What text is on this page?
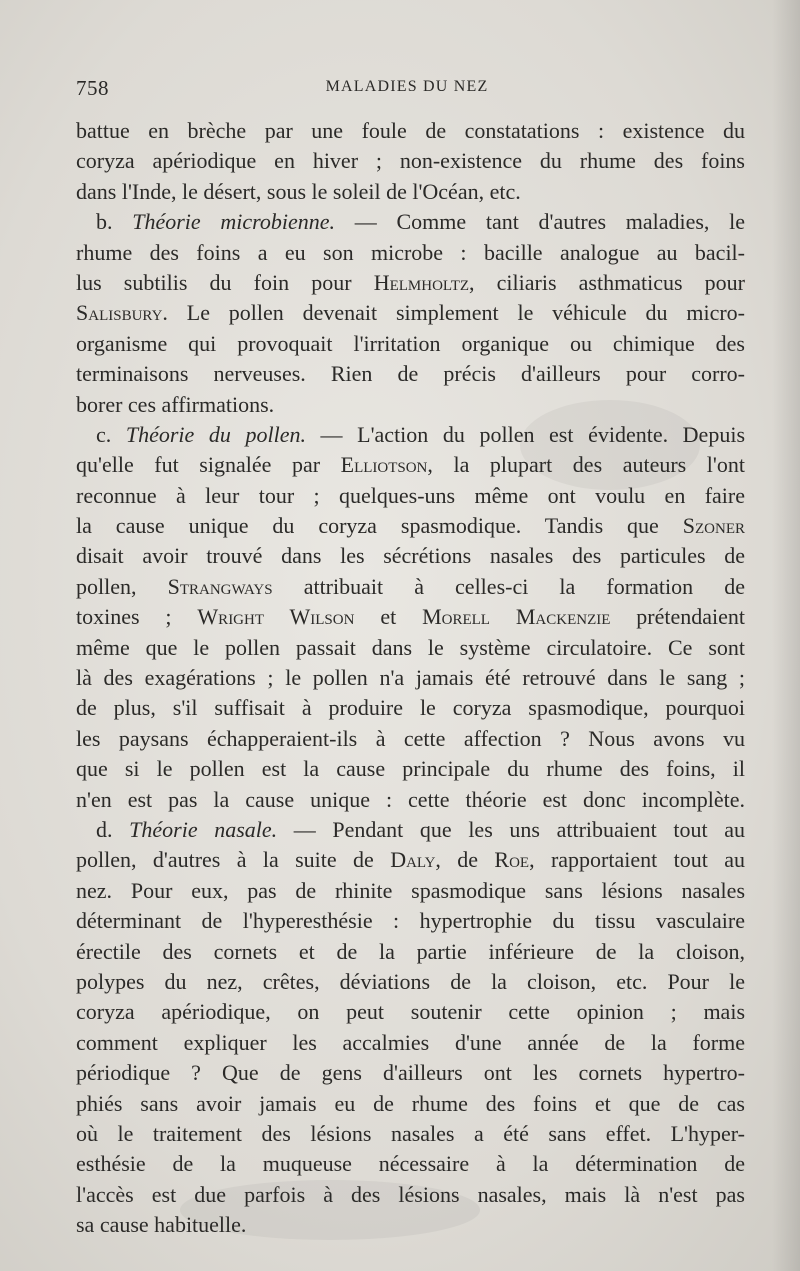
758	MALADIES DU NEZ
battue en brèche par une foule de constatations : existence du
coryza apériodique en hiver ; non-existence du rhume des foins
dans l'Inde, le désert, sous le soleil de l'Océan, etc.
b. Théorie microbienne. — Comme tant d'autres maladies, le
rhume des foins a eu son microbe : bacille analogue au bacil-
lus subtilis du foin pour Helmholtz, ciliaris asthmaticus pour
Salisbury. Le pollen devenait simplement le véhicule du micro-
organisme qui provoquait l'irritation organique ou chimique des
terminaisons nerveuses. Rien de précis d'ailleurs pour corro-
borer ces affirmations.
c. Théorie du pollen. — L'action du pollen est évidente. Depuis
qu'elle fut signalée par Elliotson, la plupart des auteurs l'ont
reconnue à leur tour ; quelques-uns même ont voulu en faire
la cause unique du coryza spasmodique. Tandis que Szoner
disait avoir trouvé dans les sécrétions nasales des particules de
pollen, Strangways attribuait à celles-ci la formation de
toxines ; Wright Wilson et Morell Mackenzie prétendaient
même que le pollen passait dans le système circulatoire. Ce sont
là des exagérations ; le pollen n'a jamais été retrouvé dans le sang ;
de plus, s'il suffisait à produire le coryza spasmodique, pourquoi
les paysans échapperaient-ils à cette affection ? Nous avons vu
que si le pollen est la cause principale du rhume des foins, il
n'en est pas la cause unique : cette théorie est donc incomplète.
d. Théorie nasale. — Pendant que les uns attribuaient tout au
pollen, d'autres à la suite de Daly, de Roe, rapportaient tout au
nez. Pour eux, pas de rhinite spasmodique sans lésions nasales
déterminant de l'hyperesthésie : hypertrophie du tissu vasculaire
érectile des cornets et de la partie inférieure de la cloison,
polypes du nez, crêtes, déviations de la cloison, etc. Pour le
coryza apériodique, on peut soutenir cette opinion ; mais
comment expliquer les accalmies d'une année de la forme
périodique ? Que de gens d'ailleurs ont les cornets hypertro-
phiés sans avoir jamais eu de rhume des foins et que de cas
où le traitement des lésions nasales a été sans effet. L'hyper-
esthésie de la muqueuse nécessaire à la détermination de
l'accès est due parfois à des lésions nasales, mais là n'est pas
sa cause habituelle.
